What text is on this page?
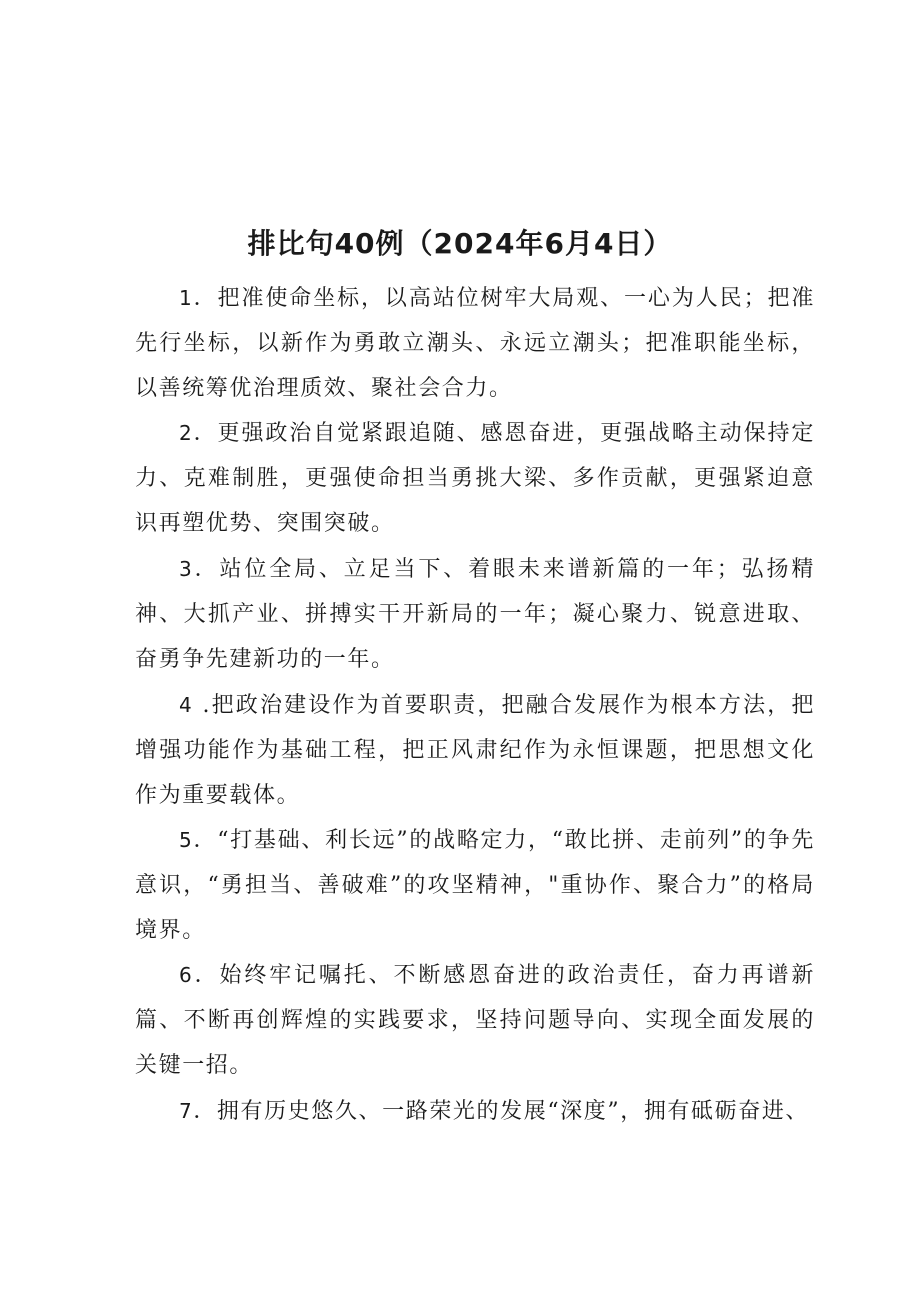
排比句40例（2024年6月4日）

1．把准使命坐标，以高站位树牢大局观、一心为人民；把准先行坐标，以新作为勇敢立潮头、永远立潮头；把准职能坐标，以善统筹优治理质效、聚社会合力。

2．更强政治自觉紧跟追随、感恩奋进，更强战略主动保持定力、克难制胜，更强使命担当勇挑大梁、多作贡献，更强紧迫意识再塑优势、突围突破。

3．站位全局、立足当下、着眼未来谱新篇的一年；弘扬精神、大抓产业、拼搏实干开新局的一年；凝心聚力、锐意进取、奋勇争先建新功的一年。

4 .把政治建设作为首要职责，把融合发展作为根本方法，把增强功能作为基础工程，把正风肃纪作为永恒课题，把思想文化作为重要载体。

5．“打基础、利长远”的战略定力，“敢比拼、走前列”的争先意识，“勇担当、善破难”的攻坚精神，"重协作、聚合力”的格局境界。

6．始终牢记嘱托、不断感恩奋进的政治责任，奋力再谱新篇、不断再创辉煌的实践要求，坚持问题导向、实现全面发展的关键一招。

7．拥有历史悠久、一路荣光的发展“深度”，拥有砥砺奋进、
